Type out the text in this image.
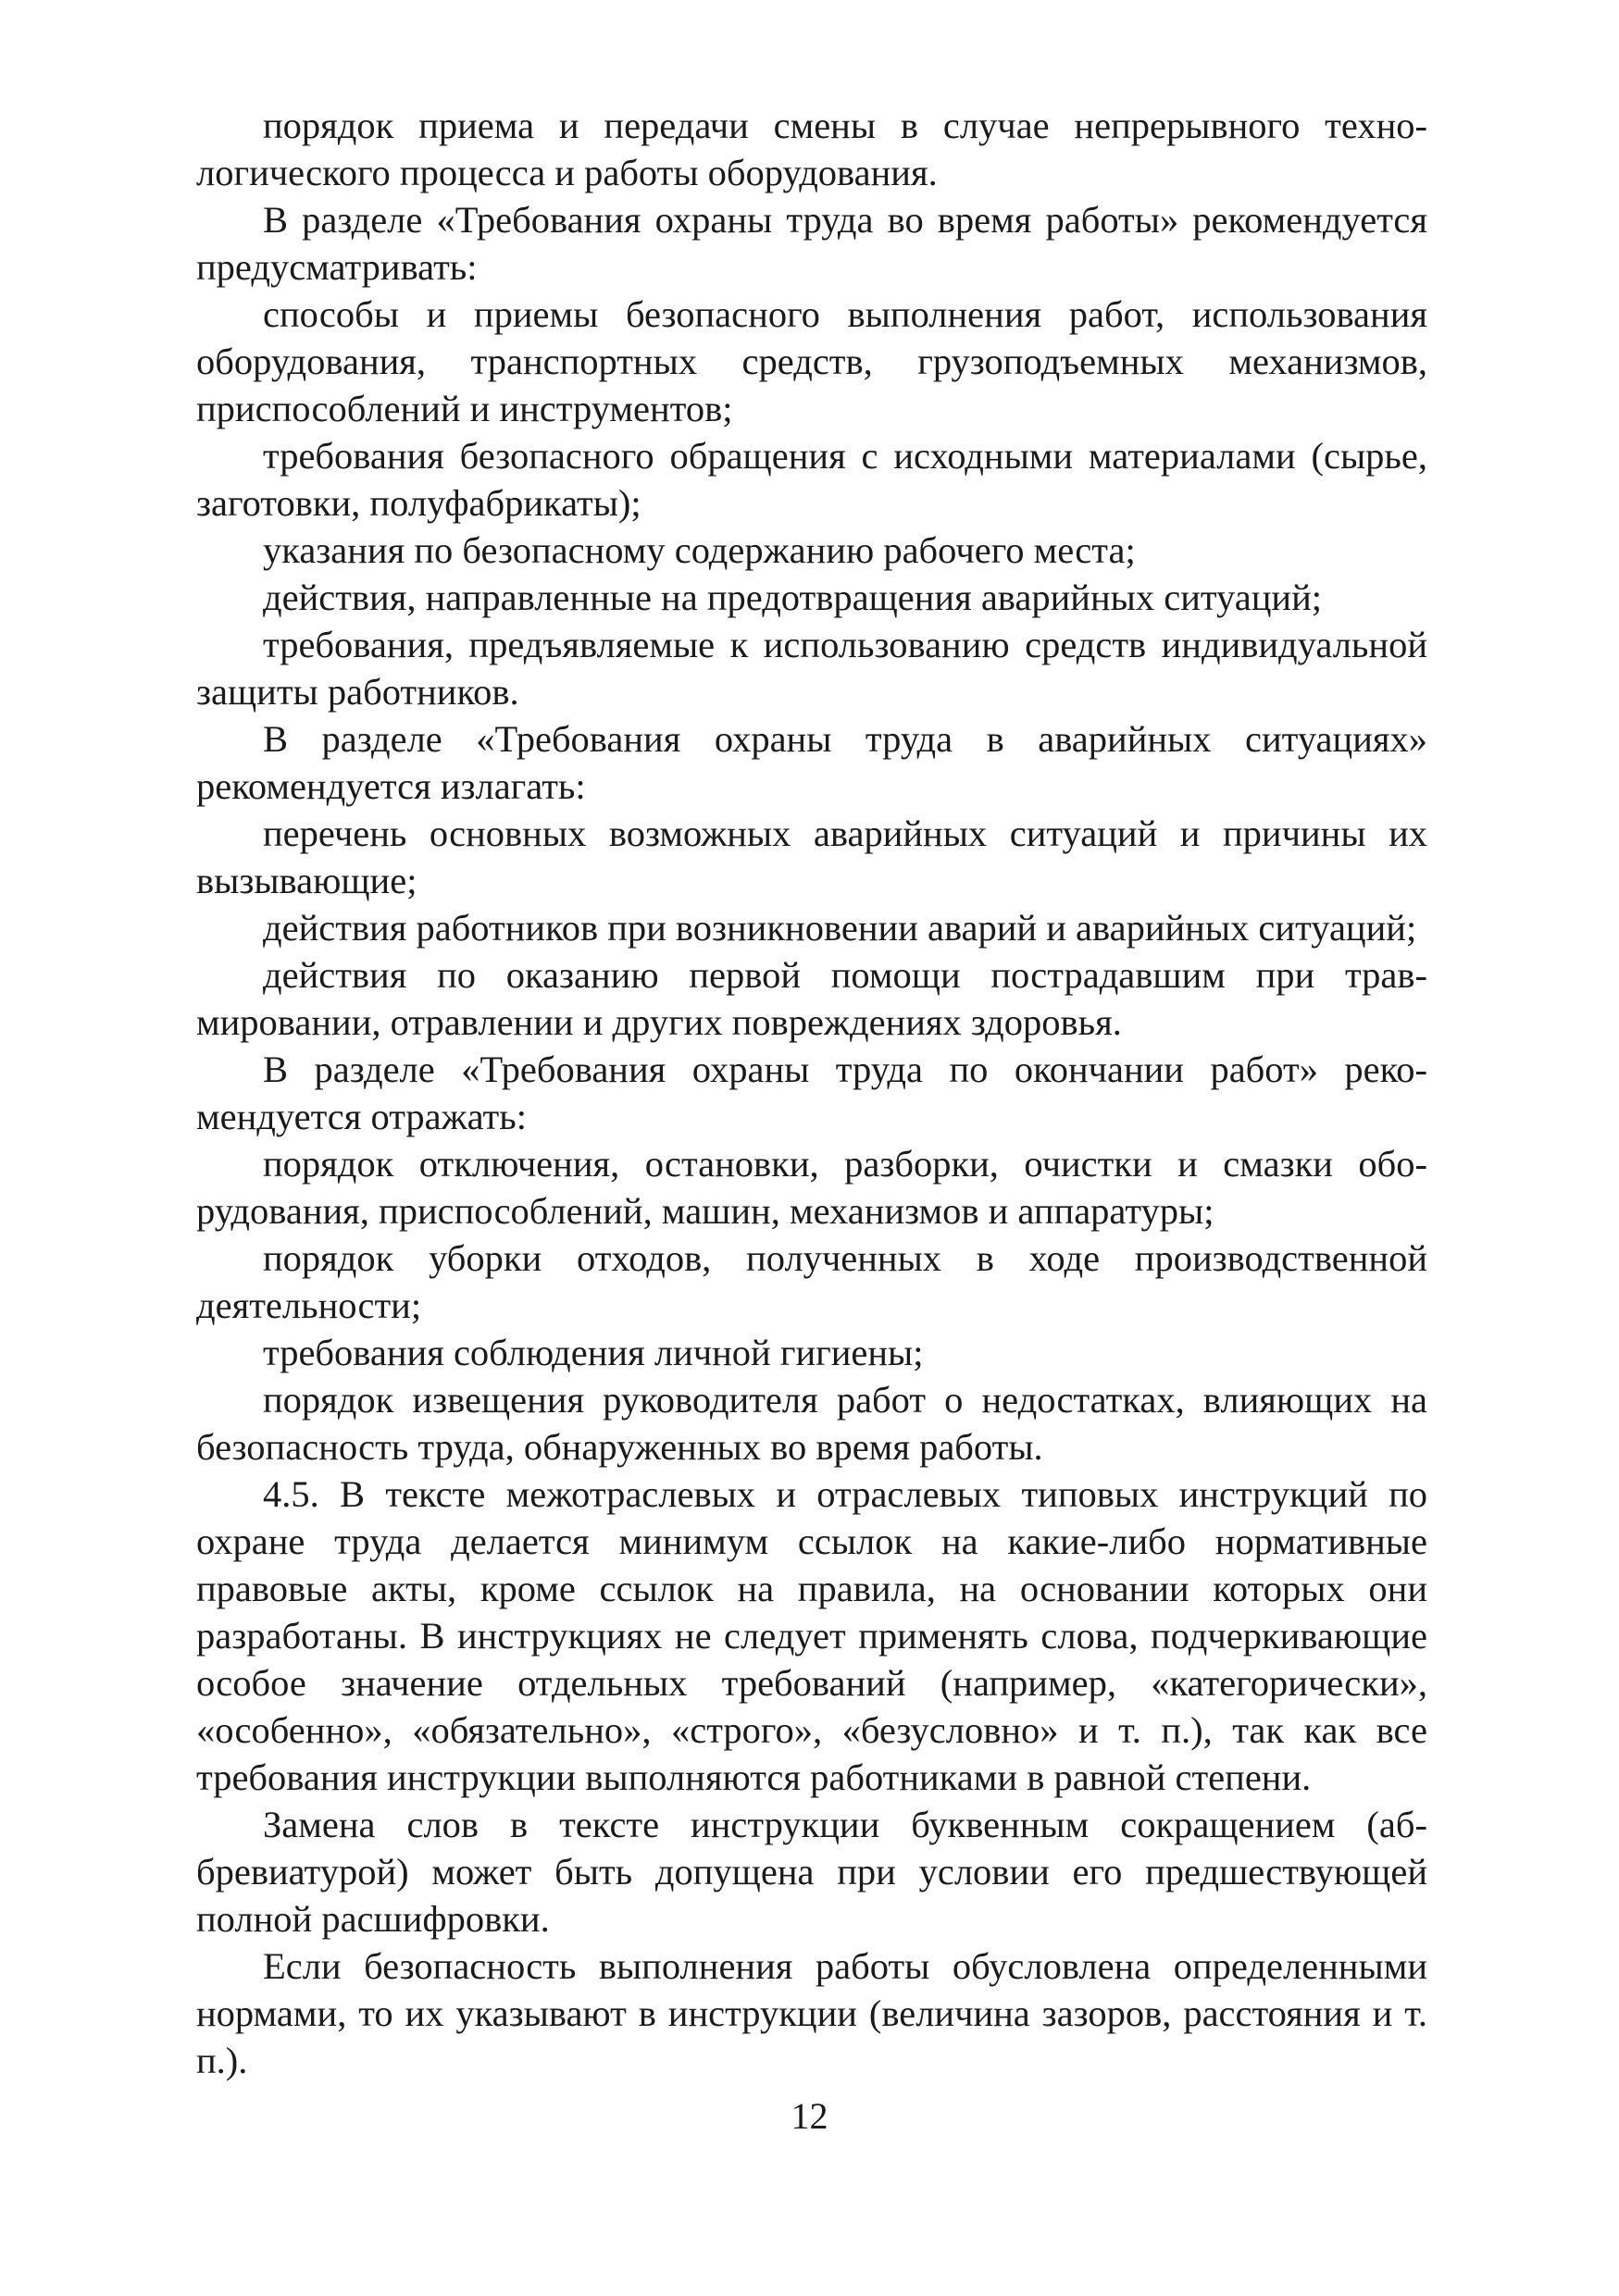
порядок приема и передачи смены в случае непрерывного технологического процесса и работы оборудования.

В разделе «Требования охраны труда во время работы» рекомендуется предусматривать:

способы и приемы безопасного выполнения работ, использования оборудования, транспортных средств, грузоподъемных механизмов, приспособлений и инструментов;

требования безопасного обращения с исходными материалами (сырье, заготовки, полуфабрикаты);

указания по безопасному содержанию рабочего места;

действия, направленные на предотвращения аварийных ситуаций;

требования, предъявляемые к использованию средств индивидуальной защиты работников.

В разделе «Требования охраны труда в аварийных ситуациях» рекомендуется излагать:

перечень основных возможных аварийных ситуаций и причины их вызывающие;

действия работников при возникновении аварий и аварийных ситуаций;

действия по оказанию первой помощи пострадавшим при травмировании, отравлении и других повреждениях здоровья.

В разделе «Требования охраны труда по окончании работ» рекомендуется отражать:

порядок отключения, остановки, разборки, очистки и смазки оборудования, приспособлений, машин, механизмов и аппаратуры;

порядок уборки отходов, полученных в ходе производственной деятельности;

требования соблюдения личной гигиены;

порядок извещения руководителя работ о недостатках, влияющих на безопасность труда, обнаруженных во время работы.

4.5. В тексте межотраслевых и отраслевых типовых инструкций по охране труда делается минимум ссылок на какие-либо нормативные правовые акты, кроме ссылок на правила, на основании которых они разработаны. В инструкциях не следует применять слова, подчеркивающие особое значение отдельных требований (например, «категорически», «особенно», «обязательно», «строго», «безусловно» и т. п.), так как все требования инструкции выполняются работниками в равной степени.

Замена слов в тексте инструкции буквенным сокращением (аббревиатурой) может быть допущена при условии его предшествующей полной расшифровки.

Если безопасность выполнения работы обусловлена определенными нормами, то их указывают в инструкции (величина зазоров, расстояния и т. п.).

12
